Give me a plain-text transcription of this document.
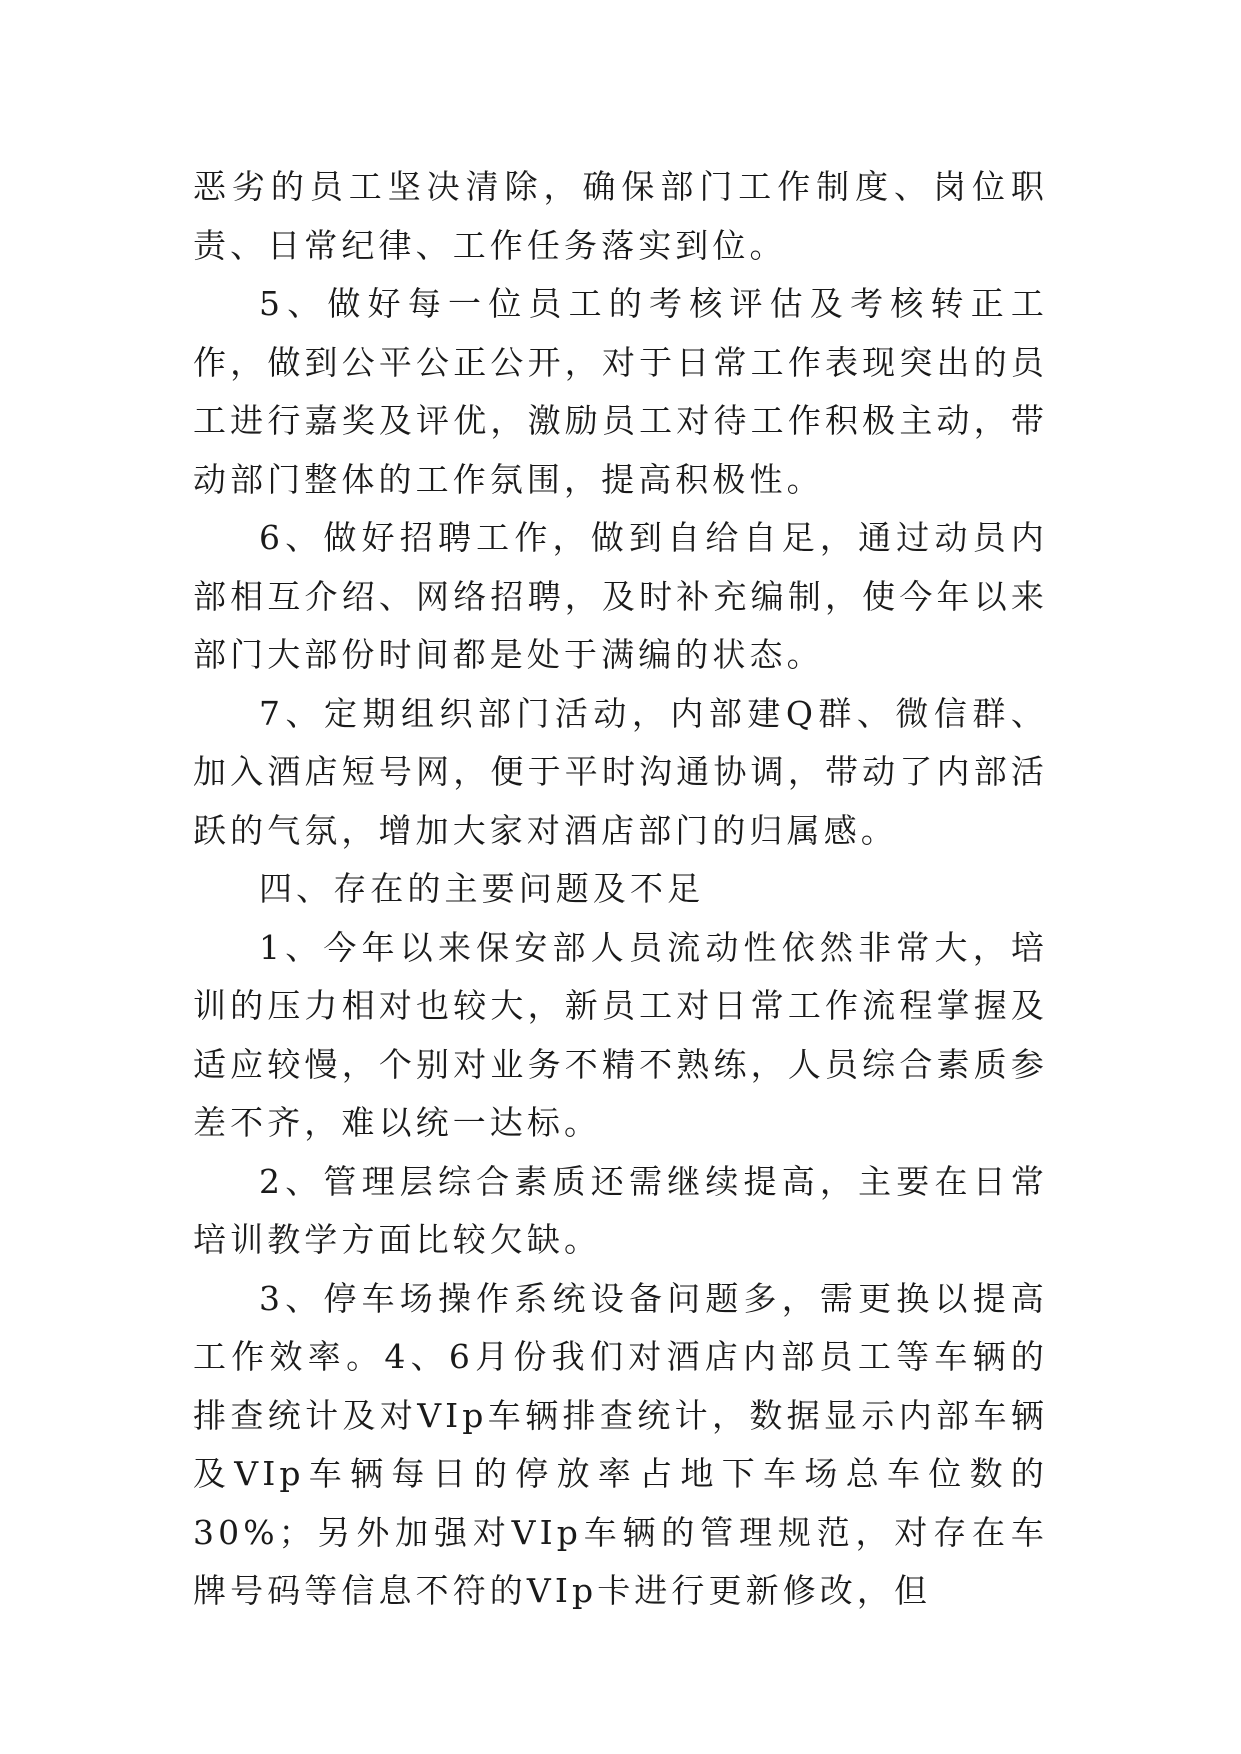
恶劣的员工坚决清除，确保部门工作制度、岗位职责、日常纪律、工作任务落实到位。

5、做好每一位员工的考核评估及考核转正工作，做到公平公正公开，对于日常工作表现突出的员工进行嘉奖及评优，激励员工对待工作积极主动，带动部门整体的工作氛围，提高积极性。

6、做好招聘工作，做到自给自足，通过动员内部相互介绍、网络招聘，及时补充编制，使今年以来部门大部份时间都是处于满编的状态。

7、定期组织部门活动，内部建Q群、微信群、加入酒店短号网，便于平时沟通协调，带动了内部活跃的气氛，增加大家对酒店部门的归属感。

四、存在的主要问题及不足

1、今年以来保安部人员流动性依然非常大，培训的压力相对也较大，新员工对日常工作流程掌握及适应较慢，个别对业务不精不熟练，人员综合素质参差不齐，难以统一达标。

2、管理层综合素质还需继续提高，主要在日常培训教学方面比较欠缺。

3、停车场操作系统设备问题多，需更换以提高工作效率。4、6月份我们对酒店内部员工等车辆的排查统计及对VIp车辆排查统计，数据显示内部车辆及VIp车辆每日的停放率占地下车场总车位数的30%；另外加强对VIp车辆的管理规范，对存在车牌号码等信息不符的VIp卡进行更新修改，但
